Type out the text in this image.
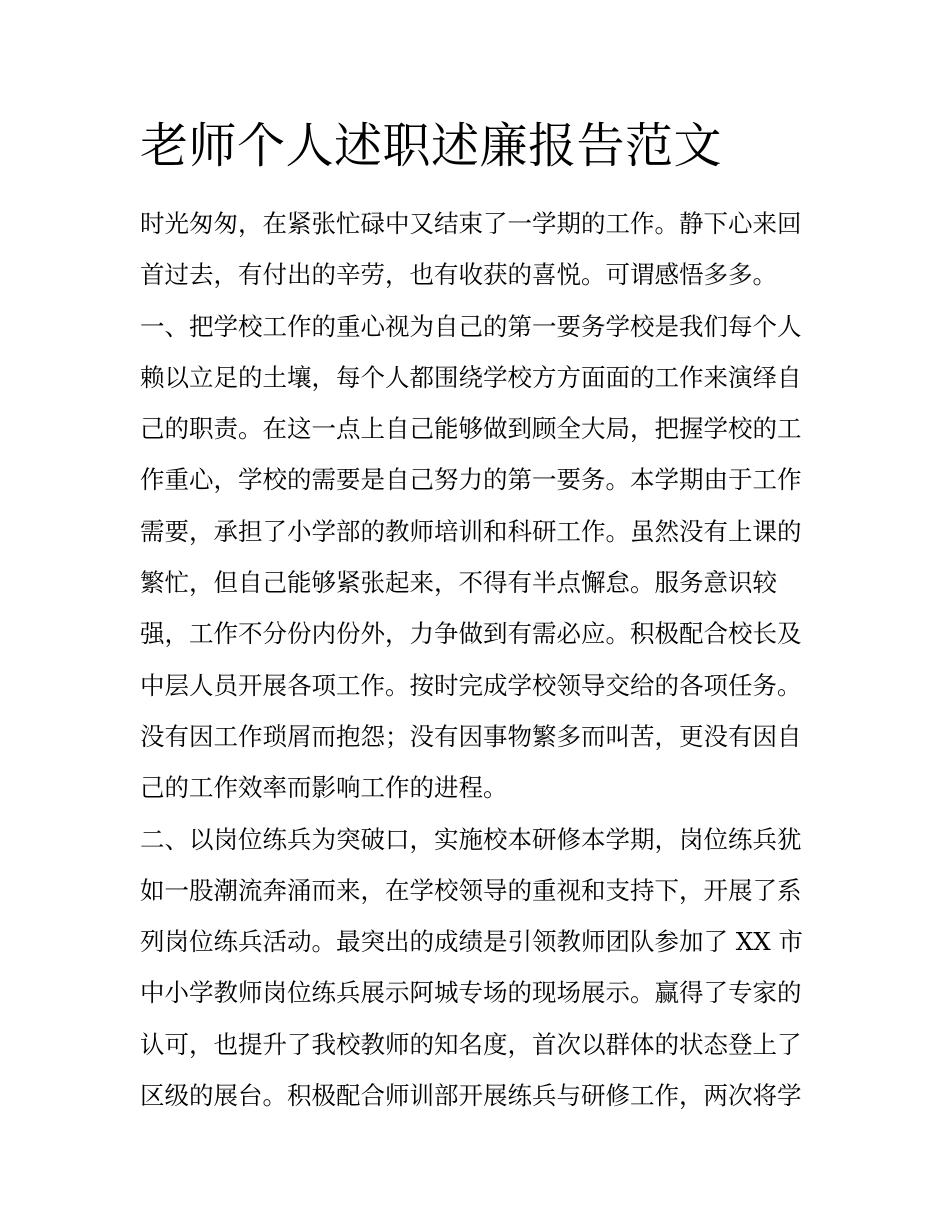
老师个人述职述廉报告范文

时光匆匆，在紧张忙碌中又结束了一学期的工作。静下心来回

首过去，有付出的辛劳，也有收获的喜悦。可谓感悟多多。

一、把学校工作的重心视为自己的第一要务学校是我们每个人

赖以立足的土壤，每个人都围绕学校方方面面的工作来演绎自

己的职责。在这一点上自己能够做到顾全大局，把握学校的工

作重心，学校的需要是自己努力的第一要务。本学期由于工作

需要，承担了小学部的教师培训和科研工作。虽然没有上课的

繁忙，但自己能够紧张起来，不得有半点懈怠。服务意识较

强，工作不分份内份外，力争做到有需必应。积极配合校长及

中层人员开展各项工作。按时完成学校领导交给的各项任务。

没有因工作琐屑而抱怨；没有因事物繁多而叫苦，更没有因自

己的工作效率而影响工作的进程。

二、以岗位练兵为突破口，实施校本研修本学期，岗位练兵犹

如一股潮流奔涌而来，在学校领导的重视和支持下，开展了系

列岗位练兵活动。最突出的成绩是引领教师团队参加了 XX 市

中小学教师岗位练兵展示阿城专场的现场展示。赢得了专家的

认可，也提升了我校教师的知名度，首次以群体的状态登上了

区级的展台。积极配合师训部开展练兵与研修工作，两次将学
